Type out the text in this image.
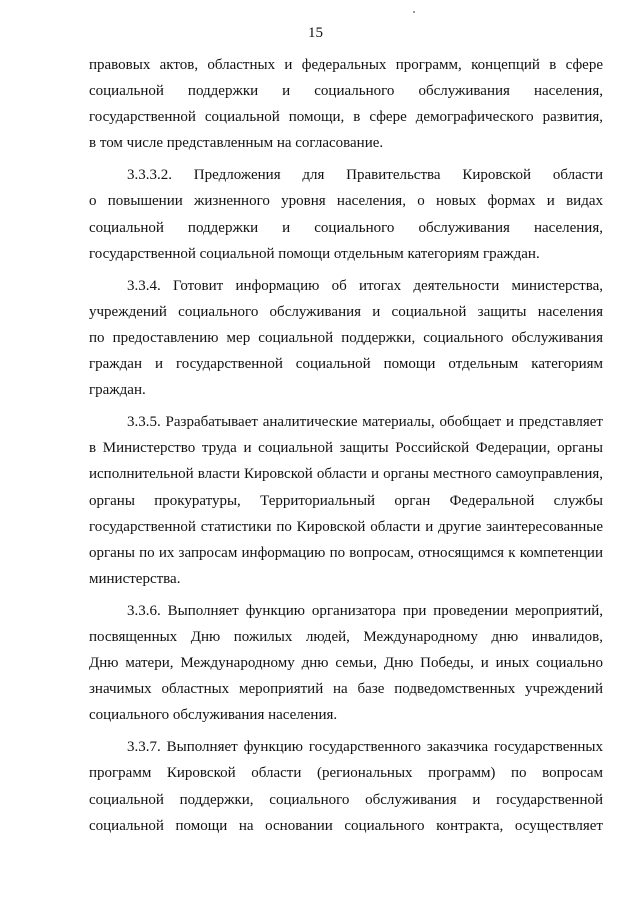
15
правовых актов, областных и федеральных программ, концепций в сфере
социальной поддержки и социального обслуживания населения,
государственной социальной помощи, в сфере демографического развития,
в том числе представленным на согласование.
3.3.3.2. Предложения для Правительства Кировской области
о повышении жизненного уровня населения, о новых формах и видах
социальной поддержки и социального обслуживания населения,
государственной социальной помощи отдельным категориям граждан.
3.3.4. Готовит информацию об итогах деятельности министерства,
учреждений социального обслуживания и социальной защиты населения
по предоставлению мер социальной поддержки, социального обслуживания
граждан и государственной социальной помощи отдельным категориям
граждан.
3.3.5. Разрабатывает аналитические материалы, обобщает и представляет
в Министерство труда и социальной защиты Российской Федерации, органы
исполнительной власти Кировской области и органы местного самоуправления,
органы прокуратуры, Территориальный орган Федеральной службы
государственной статистики по Кировской области и другие заинтересованные
органы по их запросам информацию по вопросам, относящимся к компетенции
министерства.
3.3.6. Выполняет функцию организатора при проведении мероприятий,
посвященных Дню пожилых людей, Международному дню инвалидов,
Дню матери, Международному дню семьи, Дню Победы, и иных социально
значимых областных мероприятий на базе подведомственных учреждений
социального обслуживания населения.
3.3.7. Выполняет функцию государственного заказчика государственных
программ Кировской области (региональных программ) по вопросам
социальной поддержки, социального обслуживания и государственной
социальной помощи на основании социального контракта, осуществляет
